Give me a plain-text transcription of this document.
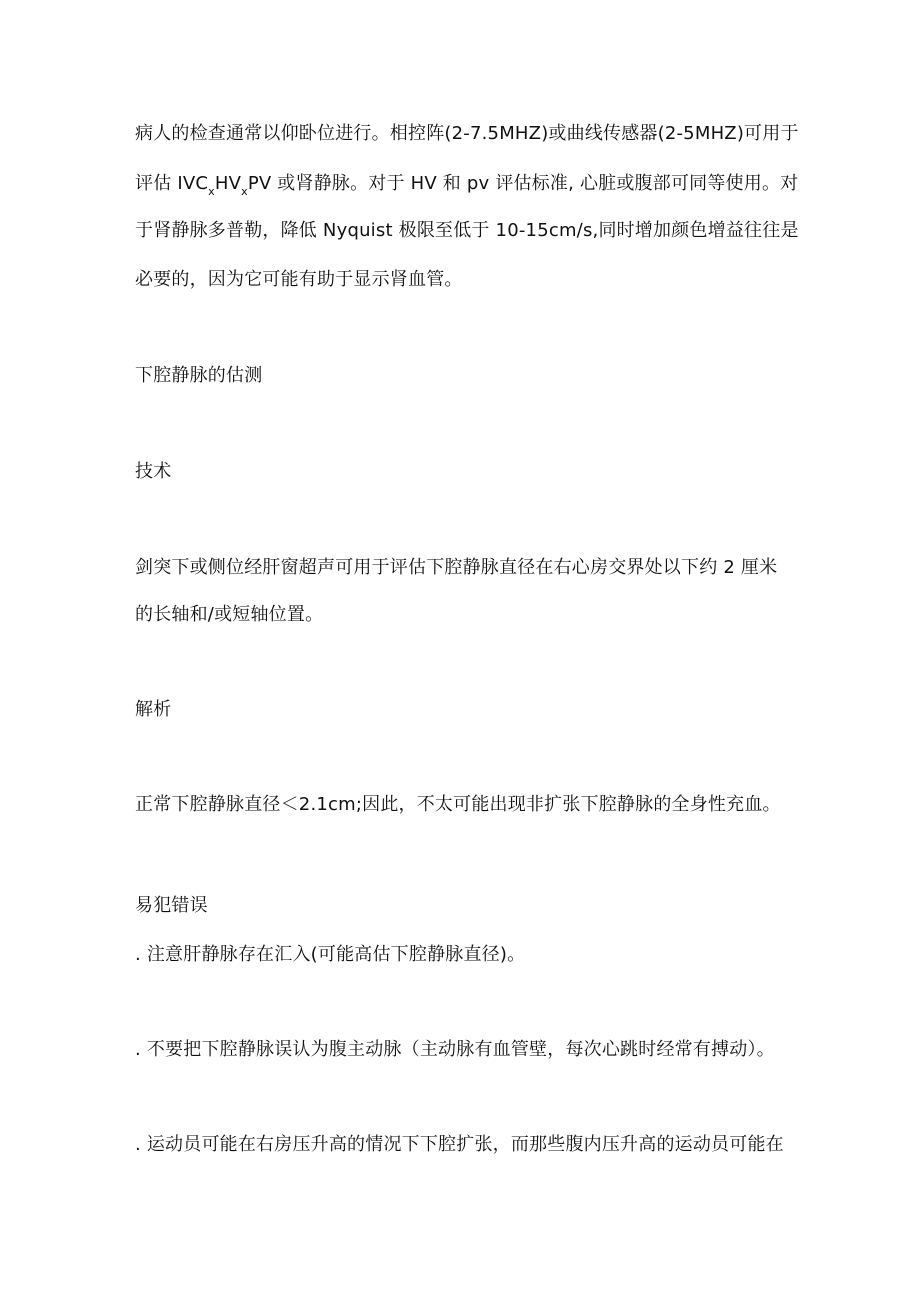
病人的检查通常以仰卧位进行。相控阵(2-7.5MHZ)或曲线传感器(2-5MHZ)可用于
评估 $IVC_xHV_xPV$ 或肾静脉。对于 HV 和 pv 评估标准, 心脏或腹部可同等使用。对
于肾静脉多普勒，降低 Nyquist 极限至低于 10-15cm∕s,同时增加颜色增益往往是
必要的，因为它可能有助于显示肾血管。
下腔静脉的估测
技术
剑突下或侧位经肝窗超声可用于评估下腔静脉直径在右心房交界处以下约 2 厘米
的长轴和/或短轴位置。
解析
正常下腔静脉直径＜2.1cm;因此，不太可能出现非扩张下腔静脉的全身性充血。
易犯错误
. 注意肝静脉存在汇入(可能高估下腔静脉直径)。
. 不要把下腔静脉误认为腹主动脉（主动脉有血管壁，每次心跳时经常有搏动）。
. 运动员可能在右房压升高的情况下下腔扩张，而那些腹内压升高的运动员可能在
